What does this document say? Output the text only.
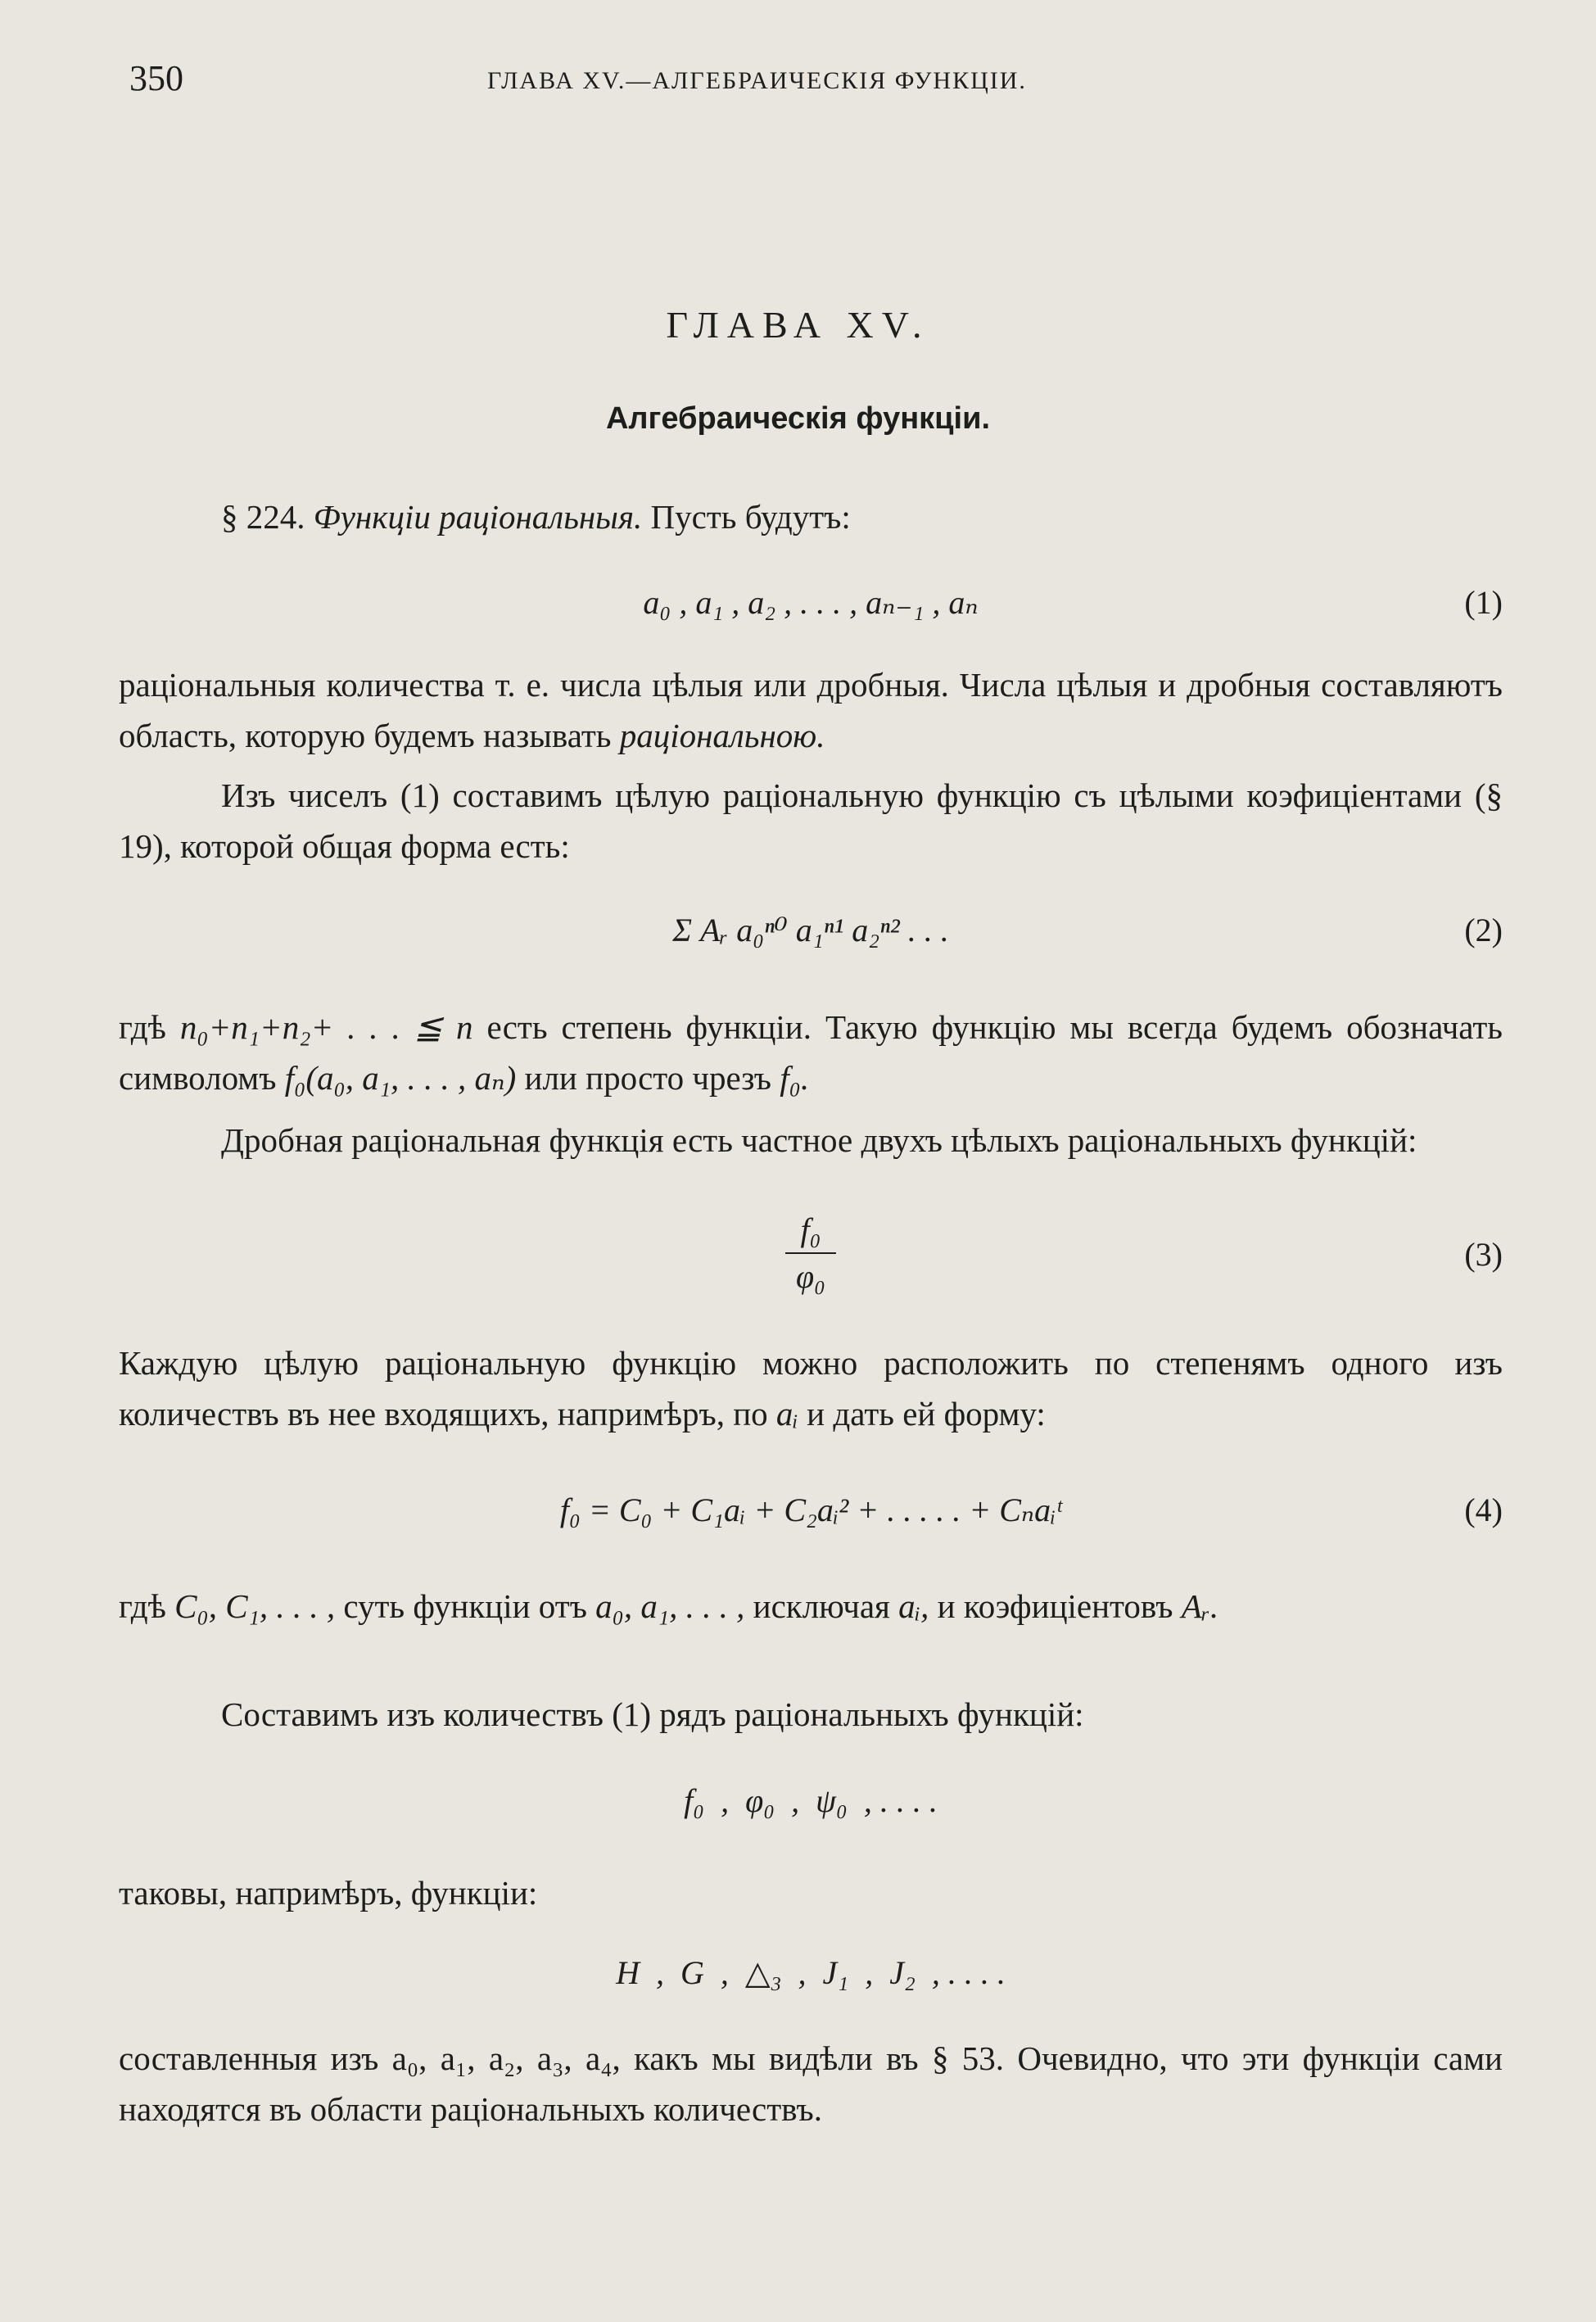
350	ГЛАВА XV.—АЛГЕБРАИЧЕСКІЯ ФУНКЦІИ.
ГЛАВА XV.
Алгебраическія функціи.
§ 224. Функціи раціональныя. Пусть будутъ:
a₀ , a₁ , a₂ , . . . , aₙ₋₁ , aₙ	(1)
раціональныя количества т. е. числа цѣлыя или дробныя. Числа цѣлыя и дробныя составляютъ область, которую будемъ называть раціональною.
Изъ чиселъ (1) составимъ цѣлую раціональную функцію съ цѣлыми коэфиціентами (§ 19), которой общая форма есть:
Σ Aᵣ a₀ⁿ⁰ a₁ⁿ¹ a₂ⁿ² . . .	(2)
гдѣ n₀+n₁+n₂+ . . . ≦ n есть степень функціи. Такую функцію мы всегда будемъ обозначать символомъ f₀(a₀, a₁, . . . , aₙ) или просто чрезъ f₀.
Дробная раціональная функція есть частное двухъ цѣлыхъ раціональныхъ функцій:
$\frac{\text{f₀}}{\text{φ₀}}$	(3)
Каждую цѣлую раціональную функцію можно расположить по степенямъ одного изъ количествъ въ нее входящихъ, напримѣръ, по aᵢ и дать ей форму:
f₀ = C₀ + C₁aᵢ + C₂aᵢ² + . . . . . + Cₙaᵢᵗ	(4)
гдѣ C₀, C₁, . . . , суть функціи отъ a₀, a₁, . . . , исключая aᵢ, и коэфиціентовъ Aᵣ.
Составимъ изъ количествъ (1) рядъ раціональныхъ функцій:
f₀  ,  φ₀  ,  ψ₀  , . . . .
таковы, напримѣръ, функціи:
H  ,  G  ,  △₃  ,  J₁  ,  J₂  , . . . .
составленныя изъ a₀, a₁, a₂, a₃, a₄, какъ мы видѣли въ § 53. Очевидно, что эти функціи сами находятся въ области раціональныхъ количествъ.
